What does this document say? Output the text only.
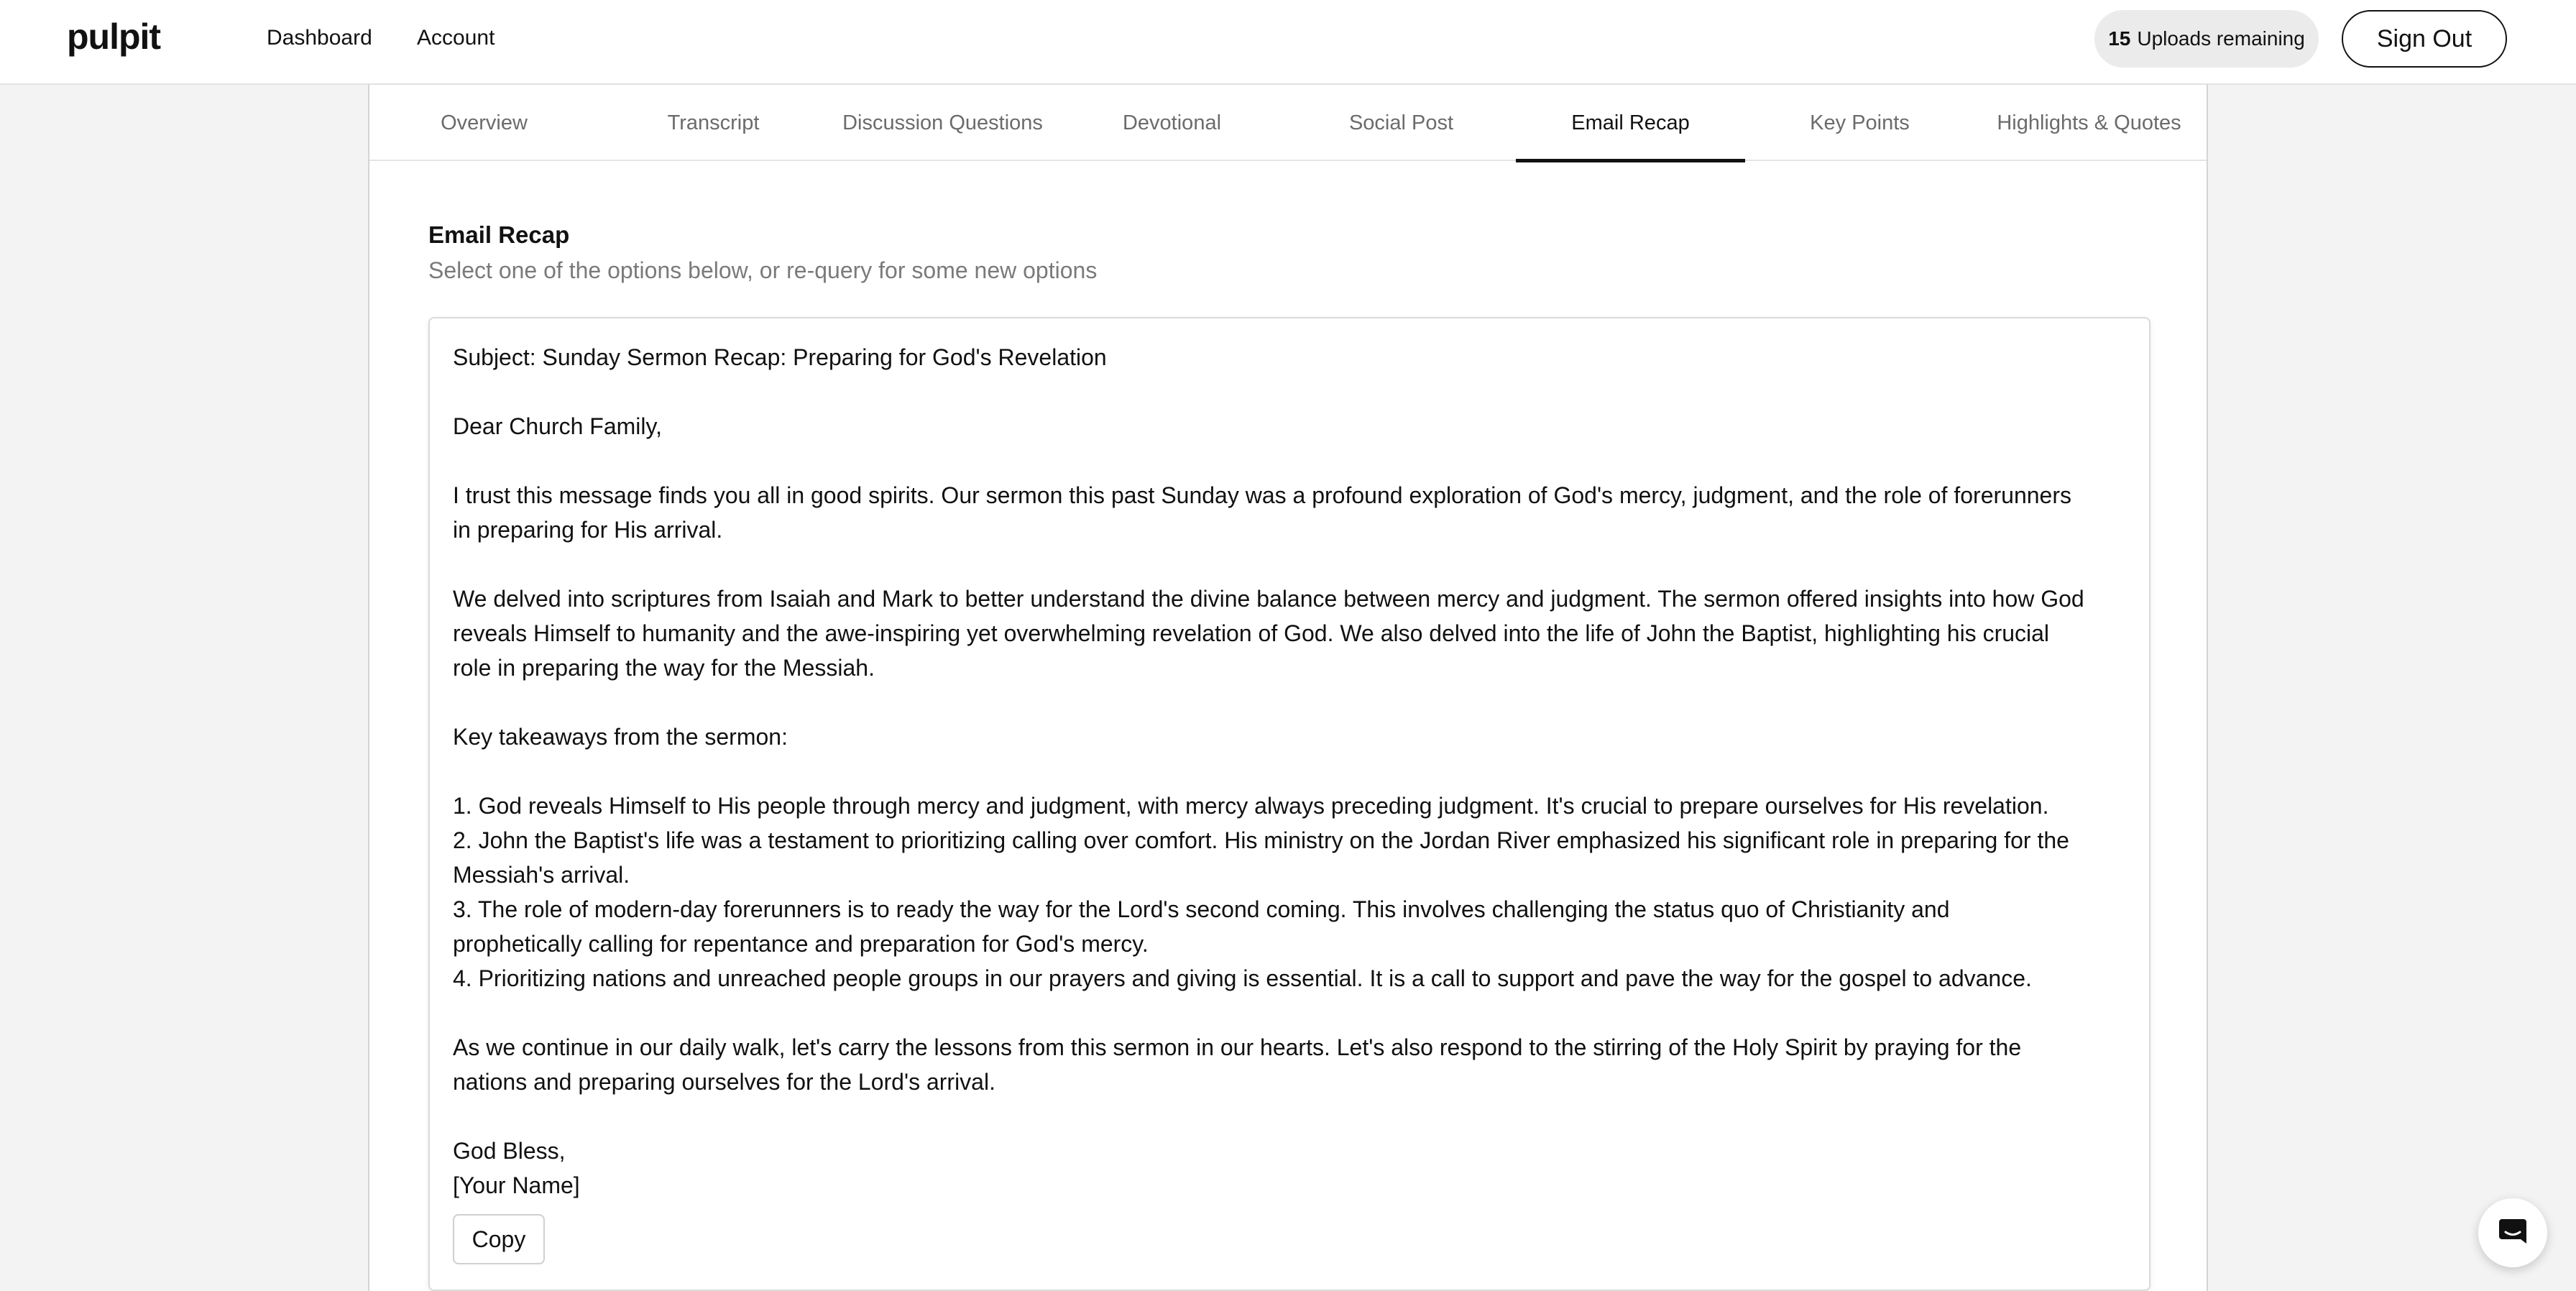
pulpit	Dashboard Account	15 Uploads remaining	Sign Out
Overview	Transcript	Discussion Questions	Devotional	Social Post	Email Recap	Key Points	Highlights & Quotes
Email Recap
Select one of the options below, or re-query for some new options
Subject: Sunday Sermon Recap: Preparing for God's Revelation
Dear Church Family,
I trust this message finds you all in good spirits. Our sermon this past Sunday was a profound exploration of God's mercy, judgment, and the role of forerunners
in preparing for His arrival.
We delved into scriptures from Isaiah and Mark to better understand the divine balance between mercy and judgment. The sermon offered insights into how God
reveals Himself to humanity and the awe-inspiring yet overwhelming revelation of God. We also delved into the life of John the Baptist, highlighting his crucial
role in preparing the way for the Messiah.
Key takeaways from the sermon:
1. God reveals Himself to His people through mercy and judgment, with mercy always preceding judgment. It's crucial to prepare ourselves for His revelation.
2. John the Baptist's life was a testament to prioritizing calling over comfort. His ministry on the Jordan River emphasized his significant role in preparing for the
Messiah's arrival.
3. The role of modern-day forerunners is to ready the way for the Lord's second coming. This involves challenging the status quo of Christianity and
prophetically calling for repentance and preparation for God's mercy.
4. Prioritizing nations and unreached people groups in our prayers and giving is essential. It is a call to support and pave the way for the gospel to advance.
As we continue in our daily walk, let's carry the lessons from this sermon in our hearts. Let's also respond to the stirring of the Holy Spirit by praying for the
nations and preparing ourselves for the Lord's arrival.
God Bless,
[Your Name]
Copy
